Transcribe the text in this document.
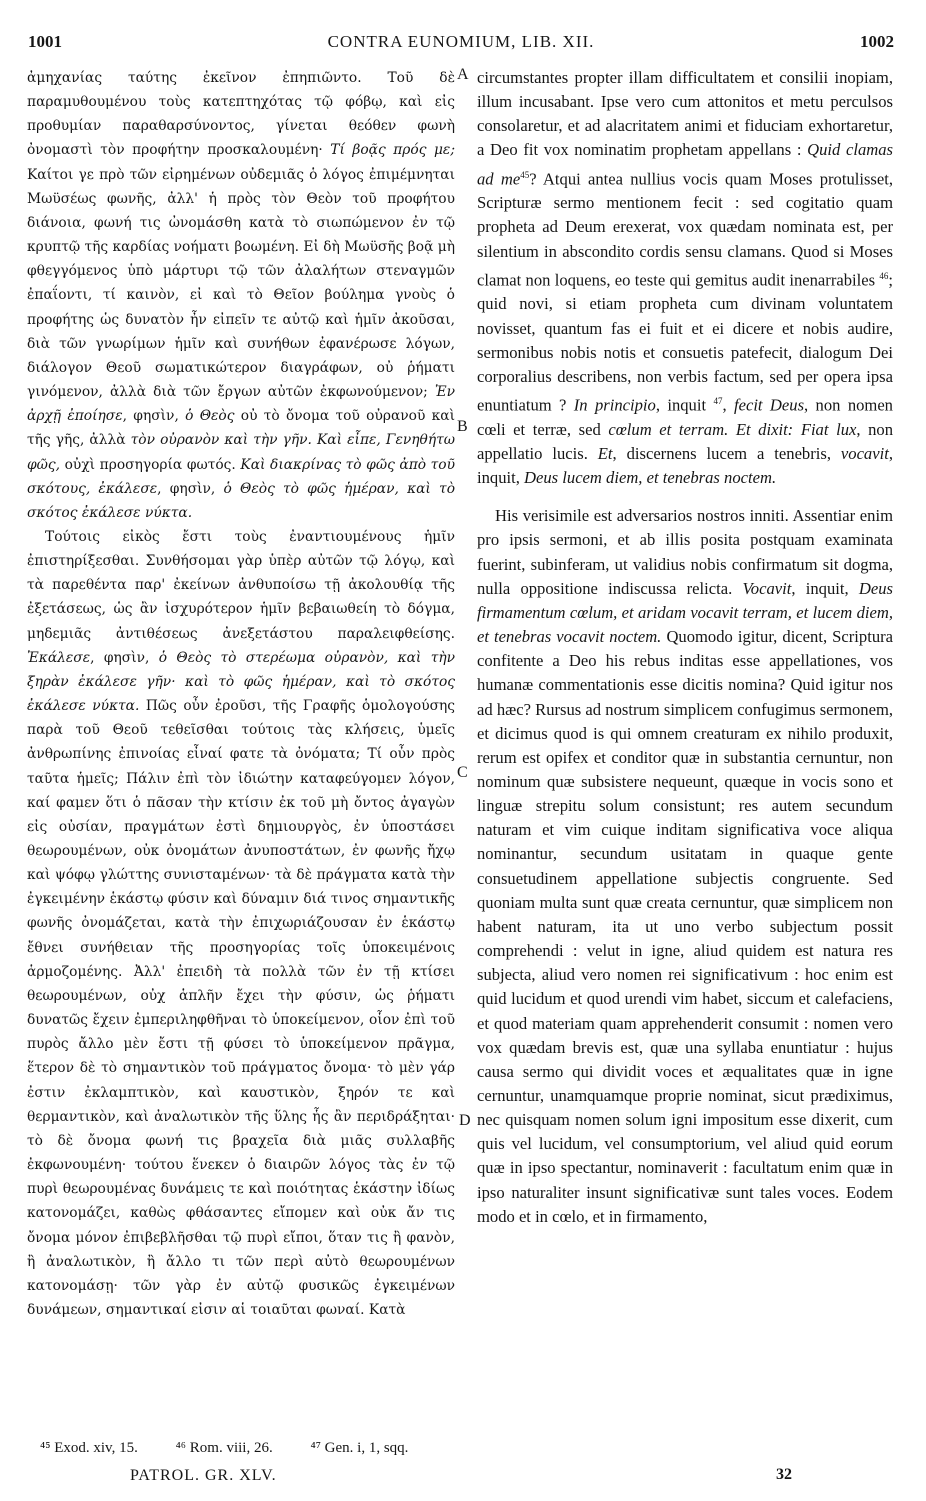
1001	CONTRA EUNOMIUM, LIB. XII.	1002

ἀμηχανίας ταύτης ἐκεῖνον ἐπηπιῶντο. Τοῦ δὲ παραμυθουμένου τοὺς κατεπτηχότας τῷ φόβῳ, καὶ εἰς προθυμίαν παραθαρσύνοντος, γίνεται θεόθεν φωνὴ ὀνομαστὶ τὸν προφήτην προσκαλουμένη· Τί βοᾷς πρός με; Καίτοι γε πρὸ τῶν εἰρημένων οὐδεμιᾶς ὁ λόγος ἐπιμέμνηται Μωϋσέως φωνῆς, ἀλλ' ἡ πρὸς τὸν Θεὸν τοῦ προφήτου διάνοια, φωνή τις ὠνομάσθη κατὰ τὸ σιωπώμενον ἐν τῷ κρυπτῷ τῆς καρδίας νοήματι βοωμένη. Εἰ δὴ Μωϋσῆς βοᾷ μὴ φθεγγόμενος ὑπὸ μάρτυρι τῷ τῶν ἀλαλήτων στεναγμῶν ἐπαΐοντι, τί καινὸν, εἰ καὶ τὸ Θεῖον βούλημα γνοὺς ὁ προφήτης ὡς δυνατὸν ἦν εἰπεῖν τε αὐτῷ καὶ ἡμῖν ἀκοῦσαι, διὰ τῶν γνωρίμων ἡμῖν καὶ συνήθων ἐφανέρωσε λόγων, διάλογον Θεοῦ σωματικώτερον διαγράφων, οὐ ῥήματι γινόμενον, ἀλλὰ διὰ τῶν ἔργων αὐτῶν ἐκφωνούμενον; Ἐν ἀρχῇ ἐποίησε, φησὶν, ὁ Θεὸς οὐ τὸ ὄνομα τοῦ οὐρανοῦ καὶ τῆς γῆς, ἀλλὰ τὸν οὐρανὸν καὶ τὴν γῆν. Καὶ εἶπε, Γενηθήτω φῶς, οὐχὶ προσηγορία φωτός. Καὶ διακρίνας τὸ φῶς ἀπὸ τοῦ σκότους, ἐκάλεσε, φησὶν, ὁ Θεὸς τὸ φῶς ἡμέραν, καὶ τὸ σκότος ἐκάλεσε νύκτα.

Τούτοις εἰκὸς ἔστι τοὺς ἐναντιουμένους ἡμῖν ἐπιστηρίξεσθαι. Συνθήσομαι γὰρ ὑπὲρ αὐτῶν τῷ λόγῳ, καὶ τὰ παρεθέντα παρ' ἐκείνων ἀνθυποίσω τῇ ἀκολουθίᾳ τῆς ἐξετάσεως, ὡς ἂν ἰσχυρότερον ἡμῖν βεβαιωθείη τὸ δόγμα, μηδεμιᾶς ἀντιθέσεως ἀνεξετάστου παραλειφθείσης. Ἐκάλεσε, φησὶν, ὁ Θεὸς τὸ στερέωμα οὐρανὸν, καὶ τὴν ξηρὰν ἐκάλεσε γῆν· καὶ τὸ φῶς ἡμέραν, καὶ τὸ σκότος ἐκάλεσε νύκτα. Πῶς οὖν ἐροῦσι, τῆς Γραφῆς ὁμολογούσης παρὰ τοῦ Θεοῦ τεθεῖσθαι τούτοις τὰς κλήσεις, ὑμεῖς ἀνθρωπίνης ἐπινοίας εἶναί φατε τὰ ὀνόματα; Τί οὖν πρὸς ταῦτα ἡμεῖς; Πάλιν ἐπὶ τὸν ἰδιώτην καταφεύγομεν λόγον, καί φαμεν ὅτι ὁ πᾶσαν τὴν κτίσιν ἐκ τοῦ μὴ ὄντος ἀγαγὼν εἰς οὐσίαν, πραγμάτων ἐστὶ δημιουργὸς, ἐν ὑποστάσει θεωρουμένων, οὐκ ὀνομάτων ἀνυποστάτων, ἐν φωνῆς ἤχῳ καὶ ψόφῳ γλώττης συνισταμένων· τὰ δὲ πράγματα κατὰ τὴν ἐγκειμένην ἑκάστῳ φύσιν καὶ δύναμιν διά τινος σημαντικῆς φωνῆς ὀνομάζεται, κατὰ τὴν ἐπιχωριάζουσαν ἐν ἑκάστῳ ἔθνει συνήθειαν τῆς προσηγορίας τοῖς ὑποκειμένοις ἁρμοζομένης. Ἀλλ' ἐπειδὴ τὰ πολλὰ τῶν ἐν τῇ κτίσει θεωρουμένων, οὐχ ἁπλῆν ἔχει τὴν φύσιν, ὡς ῥήματι δυνατῶς ἔχειν ἐμπεριληφθῆναι τὸ ὑποκείμενον, οἷον ἐπὶ τοῦ πυρὸς ἄλλο μὲν ἔστι τῇ φύσει τὸ ὑποκείμενον πρᾶγμα, ἕτερον δὲ τὸ σημαντικὸν τοῦ πράγματος ὄνομα· τὸ μὲν γάρ ἐστιν ἐκλαμπτικὸν, καὶ καυστικὸν, ξηρόν τε καὶ θερμαντικὸν, καὶ ἀναλωτικὸν τῆς ὕλης ἧς ἂν περιδράξηται· τὸ δὲ ὄνομα φωνή τις βραχεῖα διὰ μιᾶς συλλαβῆς ἐκφωνουμένη· τούτου ἕνεκεν ὁ διαιρῶν λόγος τὰς ἐν τῷ πυρὶ θεωρουμένας δυνάμεις τε καὶ ποιότητας ἑκάστην ἰδίως κατονομάζει, καθὼς φθάσαντες εἴπομεν καὶ οὐκ ἄν τις ὄνομα μόνον ἐπιβεβλῆσθαι τῷ πυρὶ εἴποι, ὅταν τις ἢ φανὸν, ἢ ἀναλωτικὸν, ἢ ἄλλο τι τῶν περὶ αὐτὸ θεωρουμένων κατονομάσῃ· τῶν γὰρ ἐν αὐτῷ φυσικῶς ἐγκειμένων δυνάμεων, σημαντικαί εἰσιν αἱ τοιαῦται φωναί. Κατὰ

circumstantes propter illam difficultatem et consilii inopiam, illum incusabant. Ipse vero cum attonitos et metu perculsos consolaretur, et ad alacritatem animi et fiduciam exhortaretur, a Deo fit vox nominatim prophetam appellans : Quid clamas ad $me^{45}$? Atqui antea nullius vocis quam Moses protulisset, Scripturæ sermo mentionem fecit : sed cogitatio quam propheta ad Deum erexerat, vox quædam nominata est, per silentium in abscondito cordis sensu clamans. Quod si Moses clamat non loquens, eo teste qui gemitus audit inenarrabiles $^{46}$; quid novi, si etiam propheta cum divinam voluntatem novisset, quantum fas ei fuit et ei dicere et nobis audire, sermonibus nobis notis et consuetis patefecit, dialogum Dei corporalius describens, non verbis factum, sed per opera ipsa enuntiatum ? In principio, inquit $^{47}$, fecit Deus, non nomen cœli et terræ, sed cœlum et terram. Et dixit: Fiat lux, non appellatio lucis. Et, discernens lucem a tenebris, vocavit, inquit, Deus lucem diem, et tenebras noctem.

His verisimile est adversarios nostros inniti. Assentiar enim pro ipsis sermoni, et ab illis posita postquam examinata fuerint, subinferam, ut validius nobis confirmatum sit dogma, nulla oppositione indiscussa relicta. Vocavit, inquit, Deus firmamentum cœlum, et aridam vocavit terram, et lucem diem, et tenebras vocavit noctem. Quomodo igitur, dicent, Scriptura confitente a Deo his rebus inditas esse appellationes, vos humanæ commentationis esse dicitis nomina? Quid igitur nos ad hæc? Rursus ad nostrum simplicem confugimus sermonem, et dicimus quod is qui omnem creaturam ex nihilo produxit, rerum est opifex et conditor quæ in substantia cernuntur, non nominum quæ subsistere nequeunt, quæque in vocis sono et linguæ strepitu solum consistunt; res autem secundum naturam et vim cuique inditam significativa voce aliqua nominantur, secundum usitatam in quaque gente consuetudinem appellatione subjectis congruente. Sed quoniam multa sunt quæ creata cernuntur, quæ simplicem non habent naturam, ita ut uno verbo subjectum possit comprehendi : velut in igne, aliud quidem est natura res subjecta, aliud vero nomen rei significativum : hoc enim est quid lucidum et quod urendi vim habet, siccum et calefaciens, et quod materiam quam apprehenderit consumit : nomen vero vox quædam brevis est, quæ una syllaba enuntiatur : hujus causa sermo qui dividit voces et æqualitates quæ in igne cernuntur, unamquamque proprie nominat, sicut prædiximus, nec quisquam nomen solum igni impositum esse dixerit, cum quis vel lucidum, vel consumptorium, vel aliud quid eorum quæ in ipso spectantur, nominaverit : facultatum enim quæ in ipso naturaliter insunt significativæ sunt tales voces. Eodem modo et in cœlo, et in firmamento,

A
B
C
D
⁴⁵ Exod. xiv, 15.	⁴⁶ Rom. viii, 26.	⁴⁷ Gen. i, 1, sqq.
PATROL. GR. XLV.	32
